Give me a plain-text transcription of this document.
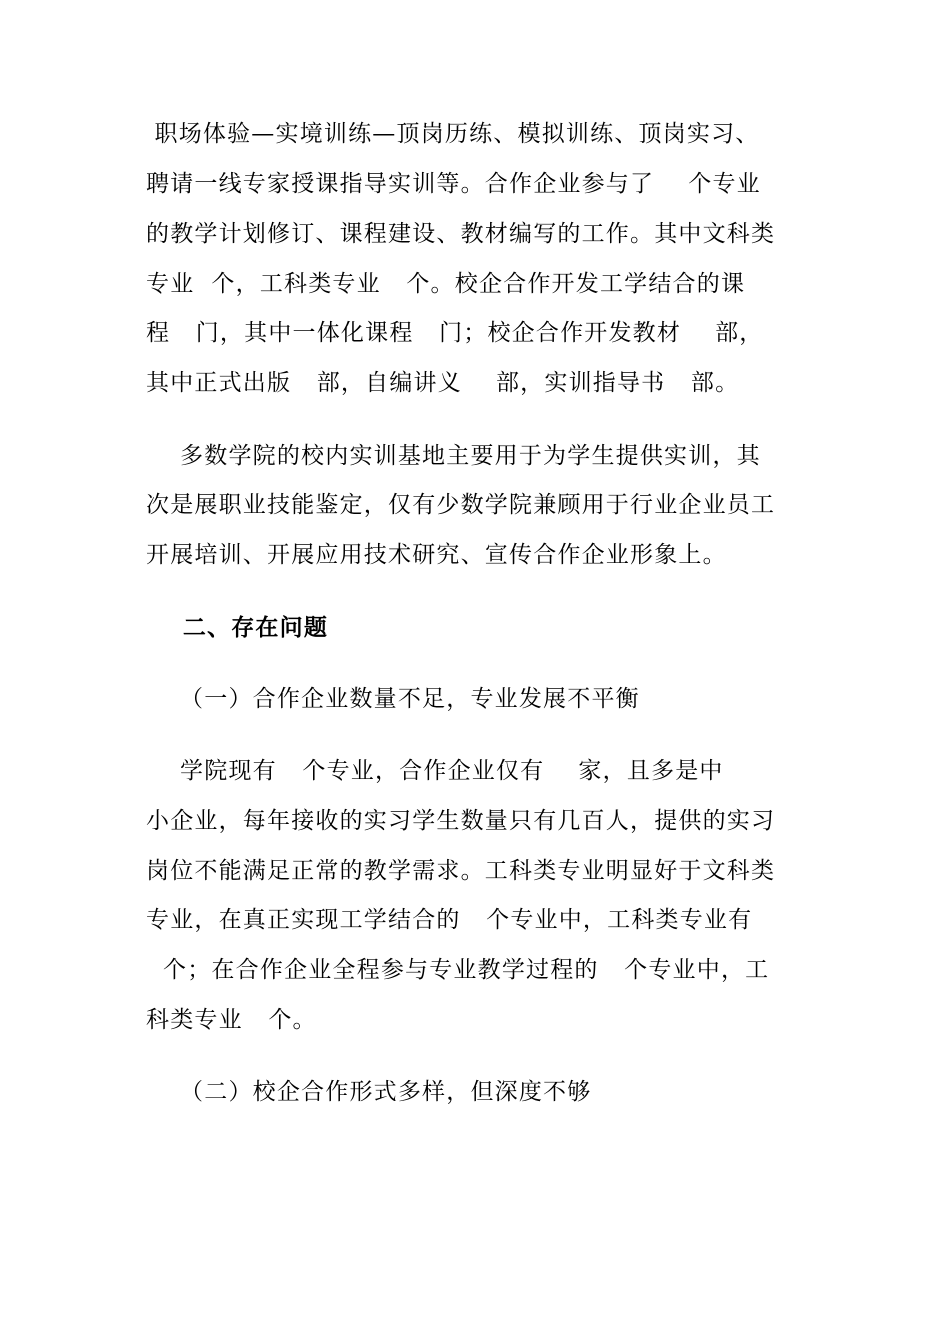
职场体验—实境训练—顶岗历练、模拟训练、顶岗实习、
聘请一线专家授课指导实训等。合作企业参与了    个专业
的教学计划修订、课程建设、教材编写的工作。其中文科类
专业  个，工科类专业   个。校企合作开发工学结合的课
程   门，其中一体化课程   门；校企合作开发教材    部，
其中正式出版   部，自编讲义    部，实训指导书   部。
多数学院的校内实训基地主要用于为学生提供实训，其
次是展职业技能鉴定，仅有少数学院兼顾用于行业企业员工
开展培训、开展应用技术研究、宣传合作企业形象上。
二、存在问题
（一）合作企业数量不足，专业发展不平衡
学院现有   个专业，合作企业仅有    家，且多是中
小企业，每年接收的实习学生数量只有几百人，提供的实习
岗位不能满足正常的教学需求。工科类专业明显好于文科类
专业，在真正实现工学结合的   个专业中，工科类专业有
个；在合作企业全程参与专业教学过程的   个专业中，工
科类专业   个。
（二）校企合作形式多样，但深度不够
